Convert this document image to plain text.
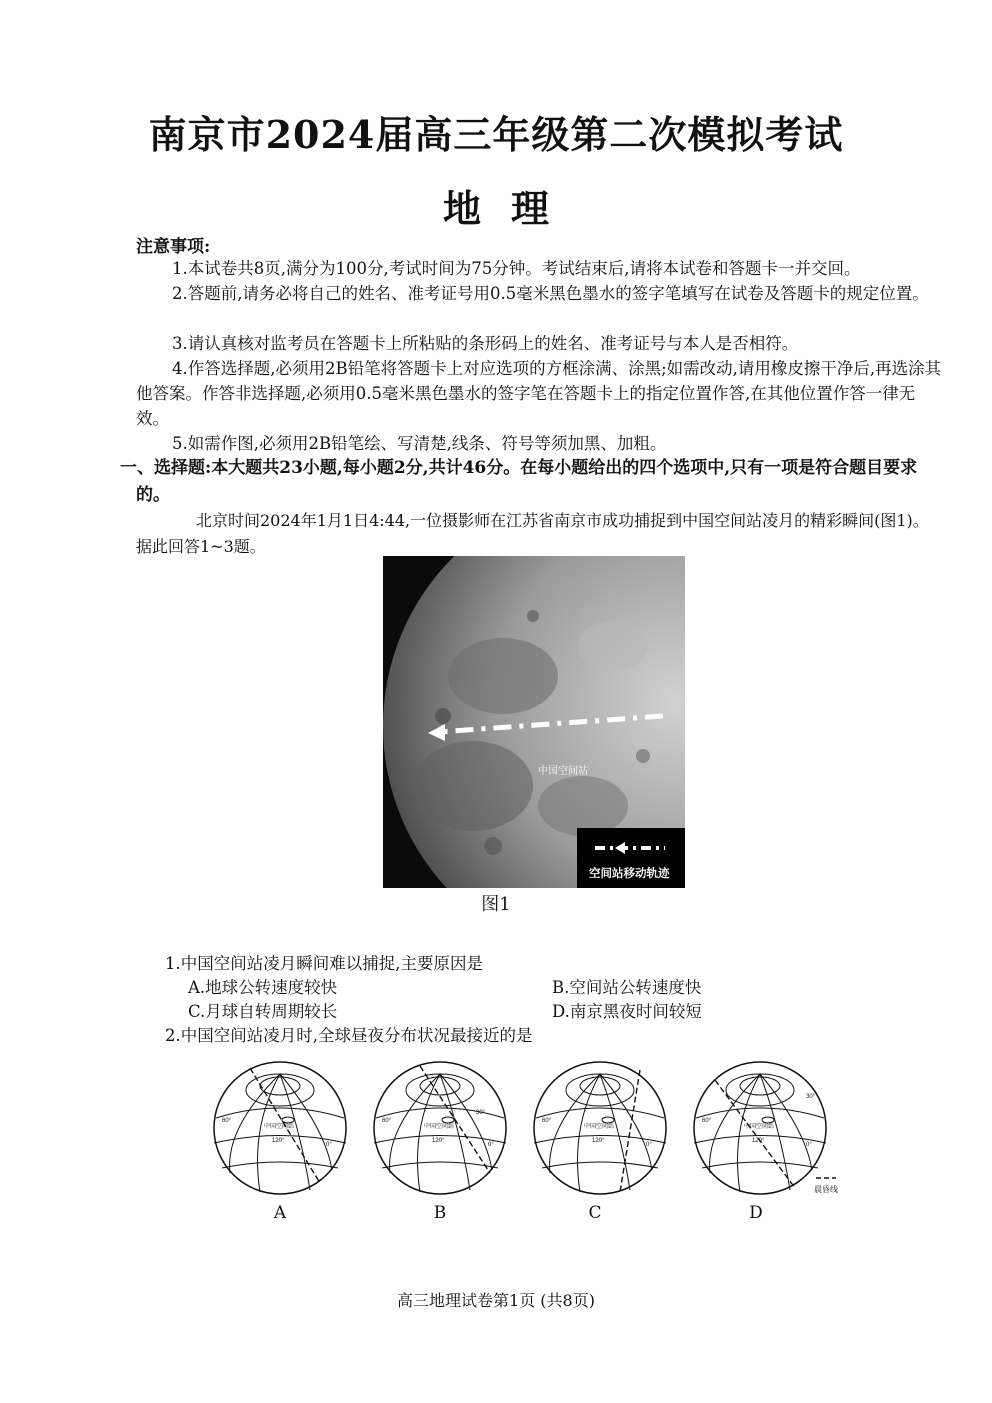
南京市2024届高三年级第二次模拟考试
地理
注意事项:
1.本试卷共8页,满分为100分,考试时间为75分钟。考试结束后,请将本试卷和答题卡一并交回。
2.答题前,请务必将自己的姓名、准考证号用0.5毫米黑色墨水的签字笔填写在试卷及答题卡的规定位置。
3.请认真核对监考员在答题卡上所粘贴的条形码上的姓名、准考证号与本人是否相符。
4.作答选择题,必须用2B铅笔将答题卡上对应选项的方框涂满、涂黑;如需改动,请用橡皮擦干净后,再选涂其他答案。作答非选择题,必须用0.5毫米黑色墨水的签字笔在答题卡上的指定位置作答,在其他位置作答一律无效。
5.如需作图,必须用2B铅笔绘、写清楚,线条、符号等须加黑、加粗。
一、选择题:本大题共23小题,每小题2分,共计46分。在每小题给出的四个选项中,只有一项是符合题目要求的。
北京时间2024年1月1日4:44,一位摄影师在江苏省南京市成功捕捉到中国空间站凌月的精彩瞬间(图1)。据此回答1~3题。
中国空间站
空间站移动轨迹
图1
1.中国空间站凌月瞬间难以捕捉,主要原因是
A.地球公转速度较快	B.空间站公转速度快
C.月球自转周期较长	D.南京黑夜时间较短
2.中国空间站凌月时,全球昼夜分布状况最接近的是
中国空间站
120°
60°
0°
中国空间站
120°
60°
30°
0°
中国空间站
120°
60°
0°
中国空间站
120°
60°
30°
0°
晨昏线
A	B	C	D
高三地理试卷第1页 (共8页)
